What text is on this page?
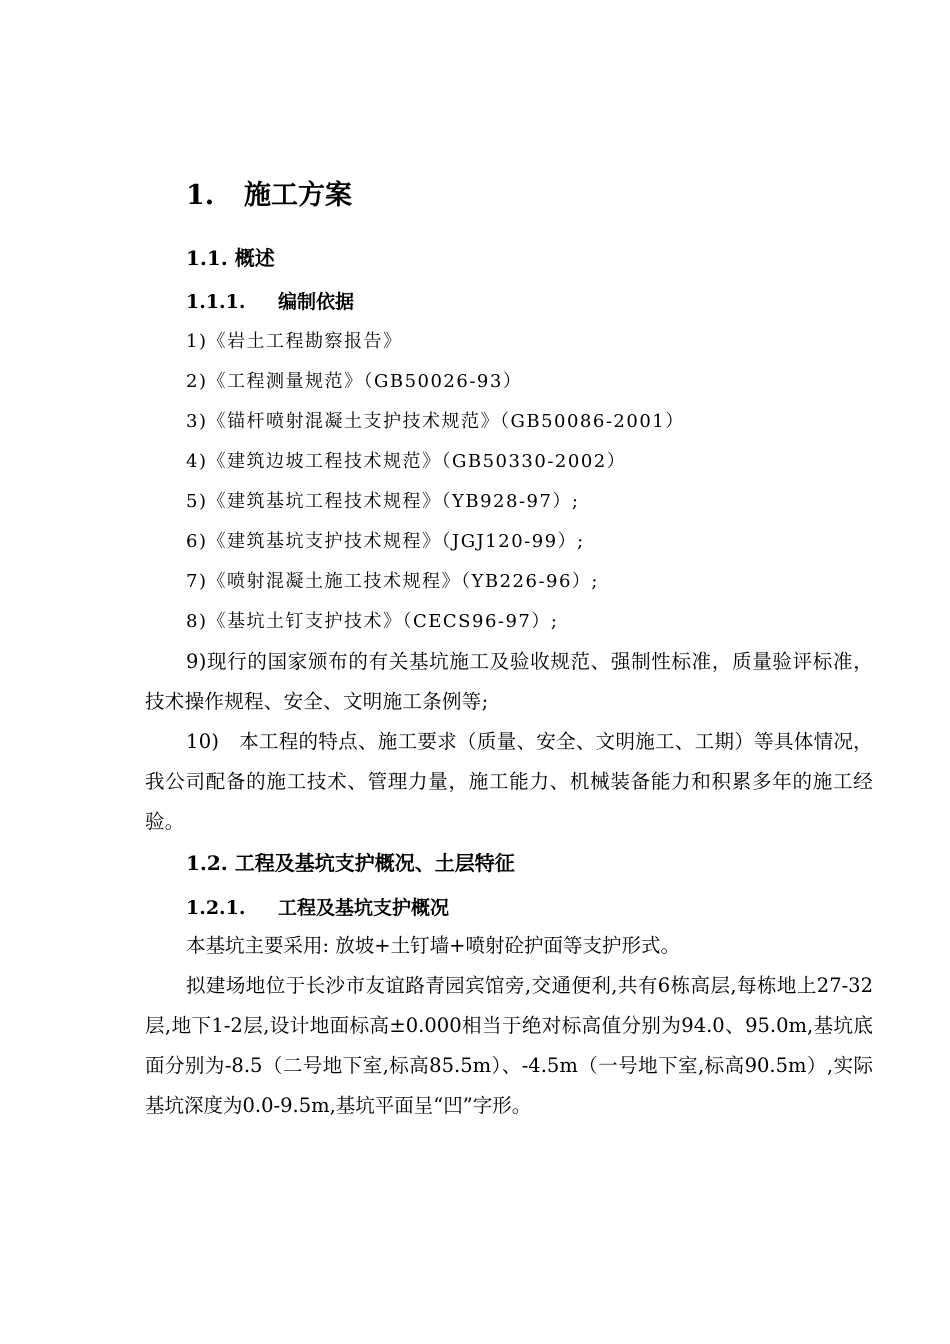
1. 施工方案
1.1. 概述
1.1.1. 编制依据
1)《岩土工程勘察报告》
2)《工程测量规范》（GB50026-93）
3)《锚杆喷射混凝土支护技术规范》（GB50086-2001）
4)《建筑边坡工程技术规范》（GB50330-2002）
5)《建筑基坑工程技术规程》（YB928-97）;
6)《建筑基坑支护技术规程》（JGJ120-99）;
7)《喷射混凝土施工技术规程》（YB226-96）;
8)《基坑土钉支护技术》（CECS96-97）;

9)现行的国家颁布的有关基坑施工及验收规范、强制性标准，质量验评标准，技术操作规程、安全、文明施工条例等;

10)　本工程的特点、施工要求（质量、安全、文明施工、工期）等具体情况，我公司配备的施工技术、管理力量，施工能力、机械装备能力和积累多年的施工经验。

1.2. 工程及基坑支护概况、土层特征
1.2.1. 工程及基坑支护概况

本基坑主要采用: 放坡+土钉墙+喷射砼护面等支护形式。

拟建场地位于长沙市友谊路青园宾馆旁,交通便利,共有6栋高层,每栋地上27-32层,地下1-2层,设计地面标高±0.000相当于绝对标高值分别为94.0、95.0m,基坑底面分别为-8.5（二号地下室,标高85.5m）、-4.5m（一号地下室,标高90.5m）,实际基坑深度为0.0-9.5m,基坑平面呈“凹”字形。
